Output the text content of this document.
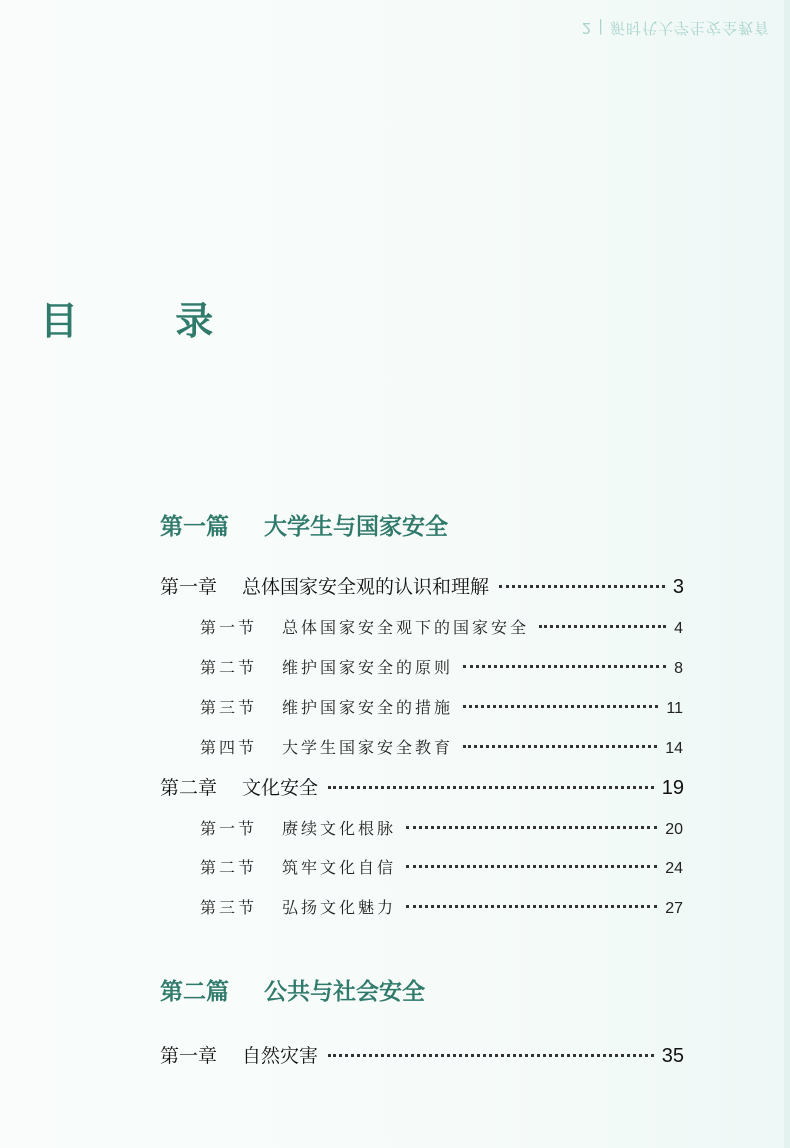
2 | 新时代大学生安全教育
目 录
第一篇 大学生与国家安全
第一章	总体国家安全观的认识和理解	3
第一节	总体国家安全观下的国家安全	4
第二节	维护国家安全的原则	8
第三节	维护国家安全的措施	11
第四节	大学生国家安全教育	14
第二章	文化安全	19
第一节	赓续文化根脉	20
第二节	筑牢文化自信	24
第三节	弘扬文化魅力	27
第二篇 公共与社会安全
第一章	自然灾害	35
